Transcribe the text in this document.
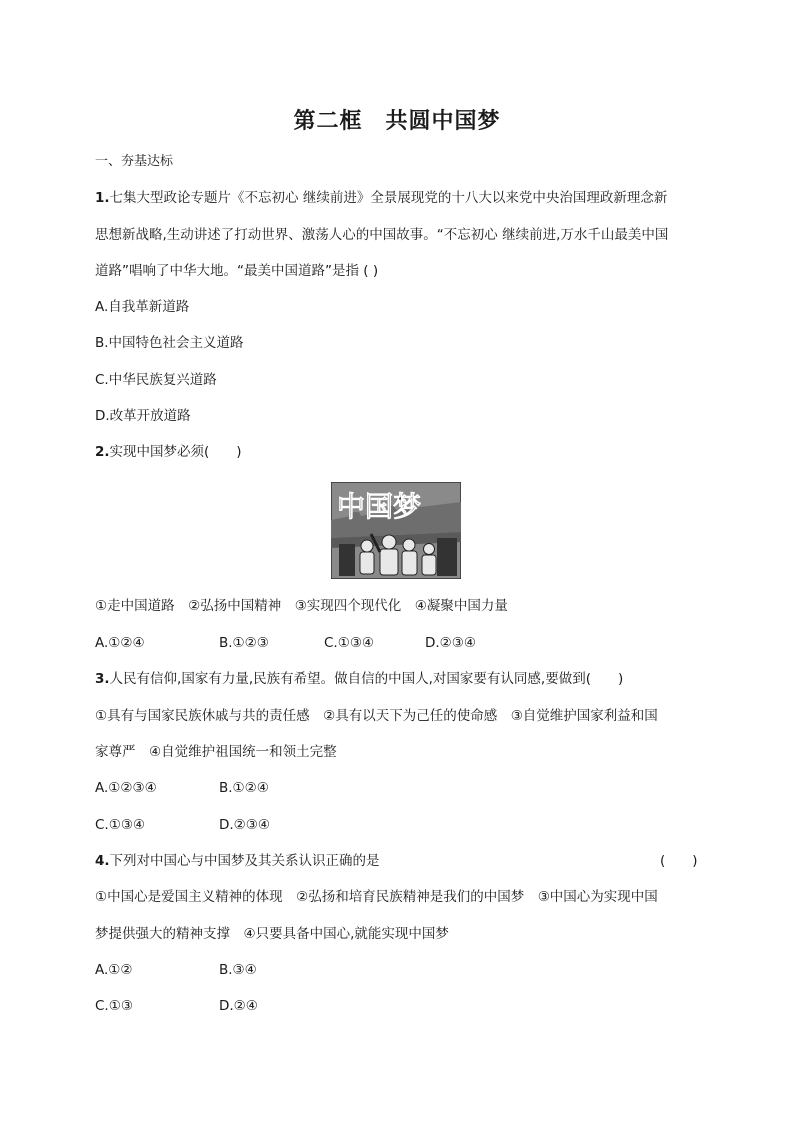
第二框　共圆中国梦
一、夯基达标
1.七集大型政论专题片《不忘初心 继续前进》全景展现党的十八大以来党中央治国理政新理念新
思想新战略,生动讲述了打动世界、激荡人心的中国故事。“不忘初心 继续前进,万水千山最美中国
道路”唱响了中华大地。“最美中国道路”是指 ( )
A.自我革新道路
B.中国特色社会主义道路
C.中华民族复兴道路
D.改革开放道路
2.实现中国梦必须(　　)
中国梦
①走中国道路　②弘扬中国精神　③实现四个现代化　④凝聚中国力量
A.①②④	B.①②③	C.①③④	D.②③④
3.人民有信仰,国家有力量,民族有希望。做自信的中国人,对国家要有认同感,要做到(　　)
①具有与国家民族休戚与共的责任感　②具有以天下为己任的使命感　③自觉维护国家利益和国
家尊严　④自觉维护祖国统一和领土完整
A.①②③④	B.①②④
C.①③④	D.②③④
4.下列对中国心与中国梦及其关系认识正确的是	(　　)
①中国心是爱国主义精神的体现　②弘扬和培育民族精神是我们的中国梦　③中国心为实现中国
梦提供强大的精神支撑　④只要具备中国心,就能实现中国梦
A.①②	B.③④
C.①③	D.②④
